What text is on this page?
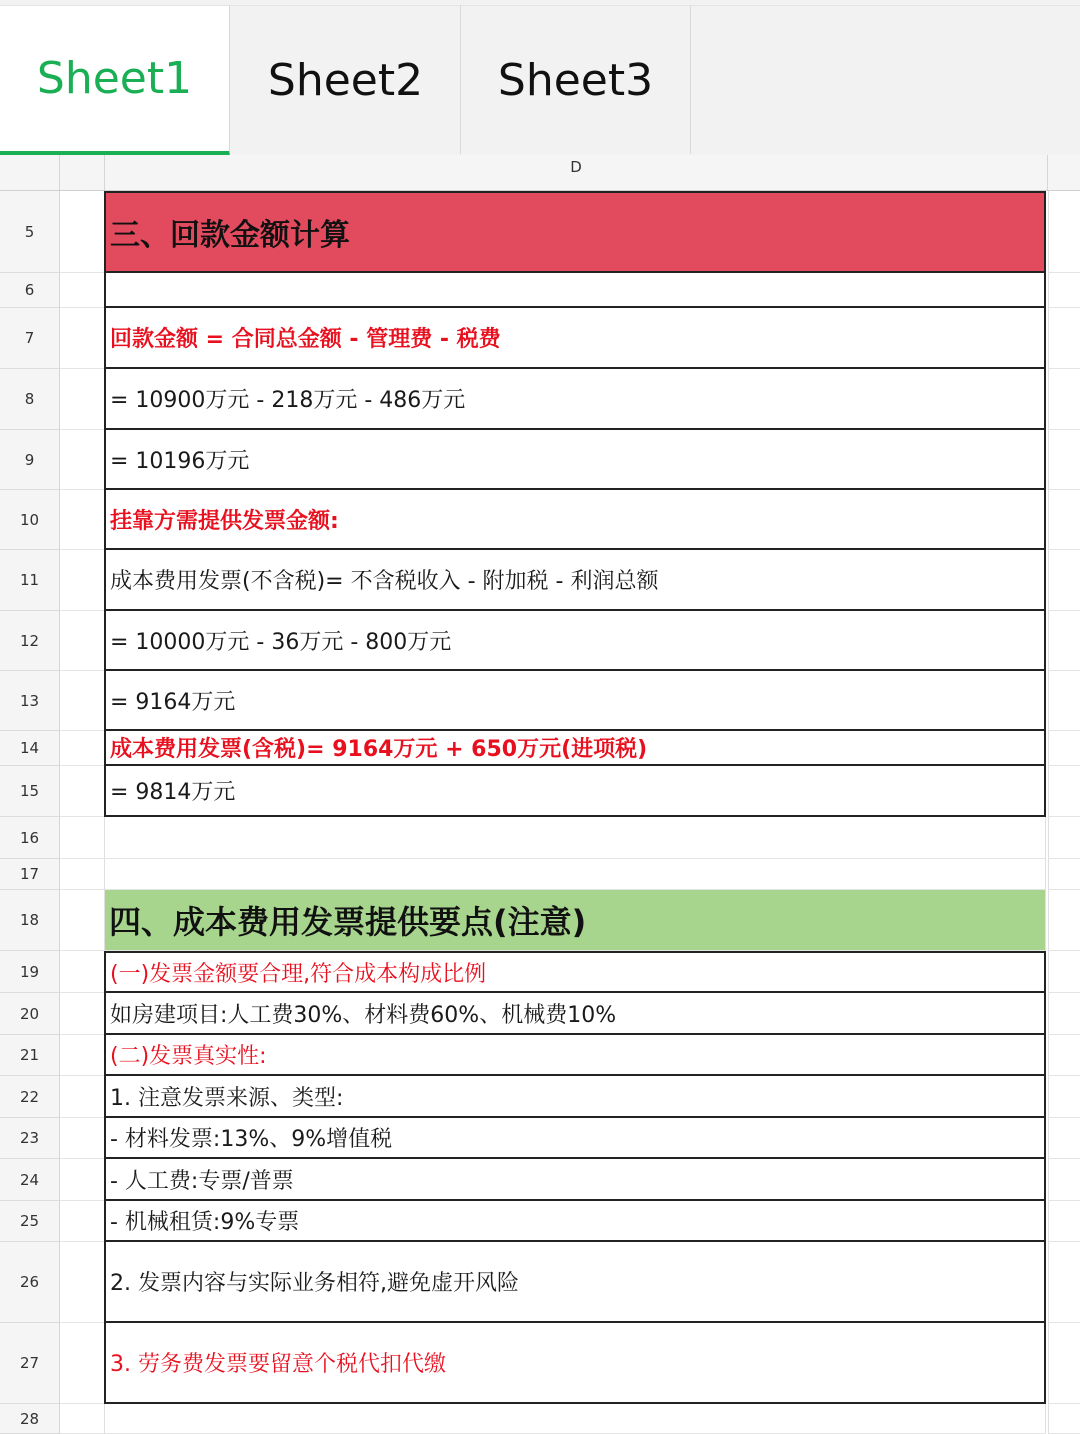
Sheet1	Sheet2	Sheet3
D
5	三、回款金额计算
6
7	回款金额 = 合同总金额 - 管理费 - 税费
8	= 10900万元 - 218万元 - 486万元
9	= 10196万元
10	挂靠方需提供发票金额:
11	成本费用发票(不含税)= 不含税收入 - 附加税 - 利润总额
12	= 10000万元 - 36万元 - 800万元
13	= 9164万元
14	成本费用发票(含税)= 9164万元 + 650万元(进项税)
15	= 9814万元
16
17
18	四、成本费用发票提供要点(注意)
19	(一)发票金额要合理,符合成本构成比例
20	如房建项目:人工费30%、材料费60%、机械费10%
21	(二)发票真实性:
22	1. 注意发票来源、类型:
23	- 材料发票:13%、9%增值税
24	- 人工费:专票/普票
25	- 机械租赁:9%专票
26	2. 发票内容与实际业务相符,避免虚开风险
27	3. 劳务费发票要留意个税代扣代缴
28
